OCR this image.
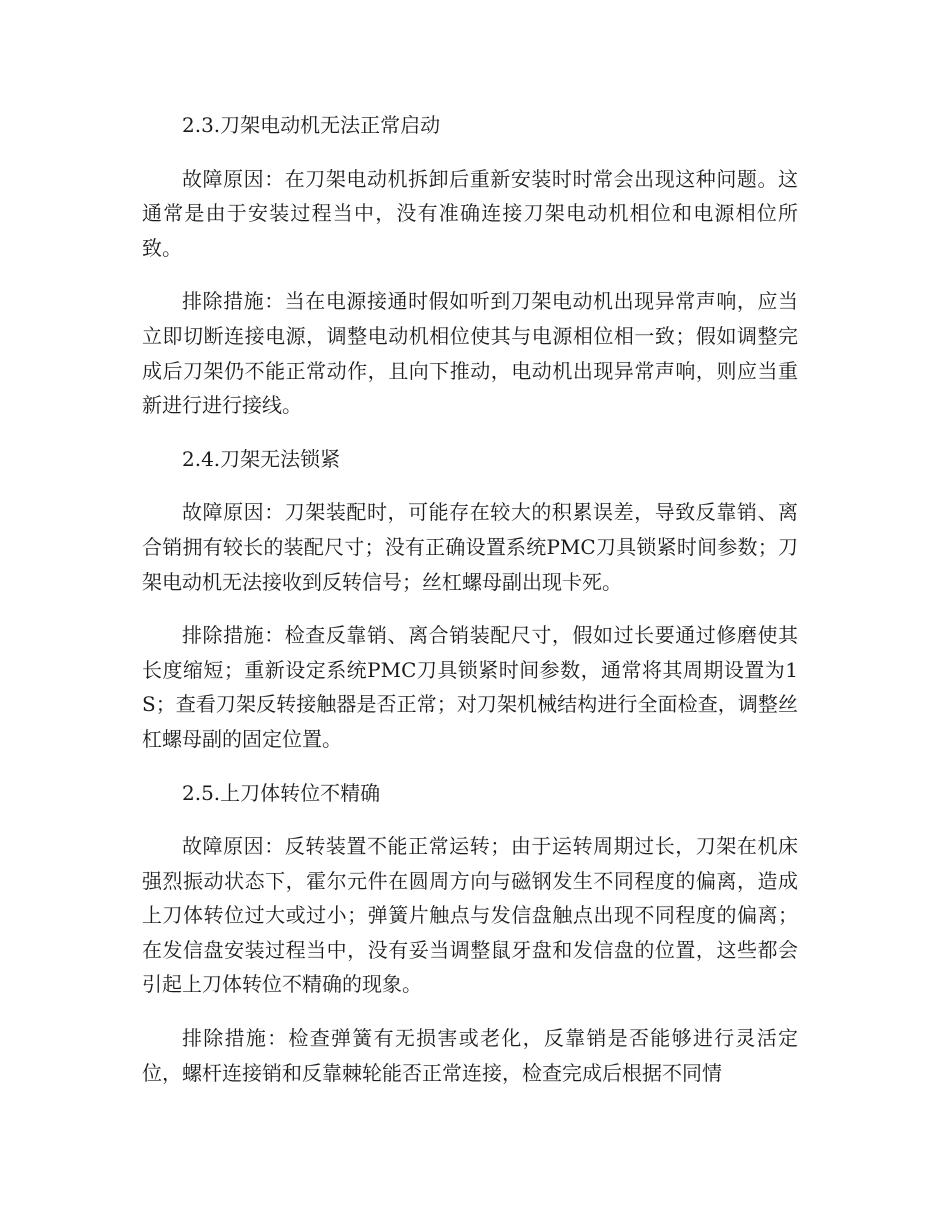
2.3.刀架电动机无法正常启动

故障原因：在刀架电动机拆卸后重新安装时时常会出现这种问题。这通常是由于安装过程当中，没有准确连接刀架电动机相位和电源相位所致。

排除措施：当在电源接通时假如听到刀架电动机出现异常声响，应当立即切断连接电源，调整电动机相位使其与电源相位相一致；假如调整完成后刀架仍不能正常动作，且向下推动，电动机出现异常声响，则应当重新进行进行接线。

2.4.刀架无法锁紧

故障原因：刀架装配时，可能存在较大的积累误差，导致反靠销、离合销拥有较长的装配尺寸；没有正确设置系统PMC刀具锁紧时间参数；刀架电动机无法接收到反转信号；丝杠螺母副出现卡死。

排除措施：检查反靠销、离合销装配尺寸，假如过长要通过修磨使其长度缩短；重新设定系统PMC刀具锁紧时间参数，通常将其周期设置为1S；查看刀架反转接触器是否正常；对刀架机械结构进行全面检查，调整丝杠螺母副的固定位置。

2.5.上刀体转位不精确

故障原因：反转装置不能正常运转；由于运转周期过长，刀架在机床强烈振动状态下，霍尔元件在圆周方向与磁钢发生不同程度的偏离，造成上刀体转位过大或过小；弹簧片触点与发信盘触点出现不同程度的偏离；在发信盘安装过程当中，没有妥当调整鼠牙盘和发信盘的位置，这些都会引起上刀体转位不精确的现象。

排除措施：检查弹簧有无损害或老化，反靠销是否能够进行灵活定位，螺杆连接销和反靠棘轮能否正常连接，检查完成后根据不同情
